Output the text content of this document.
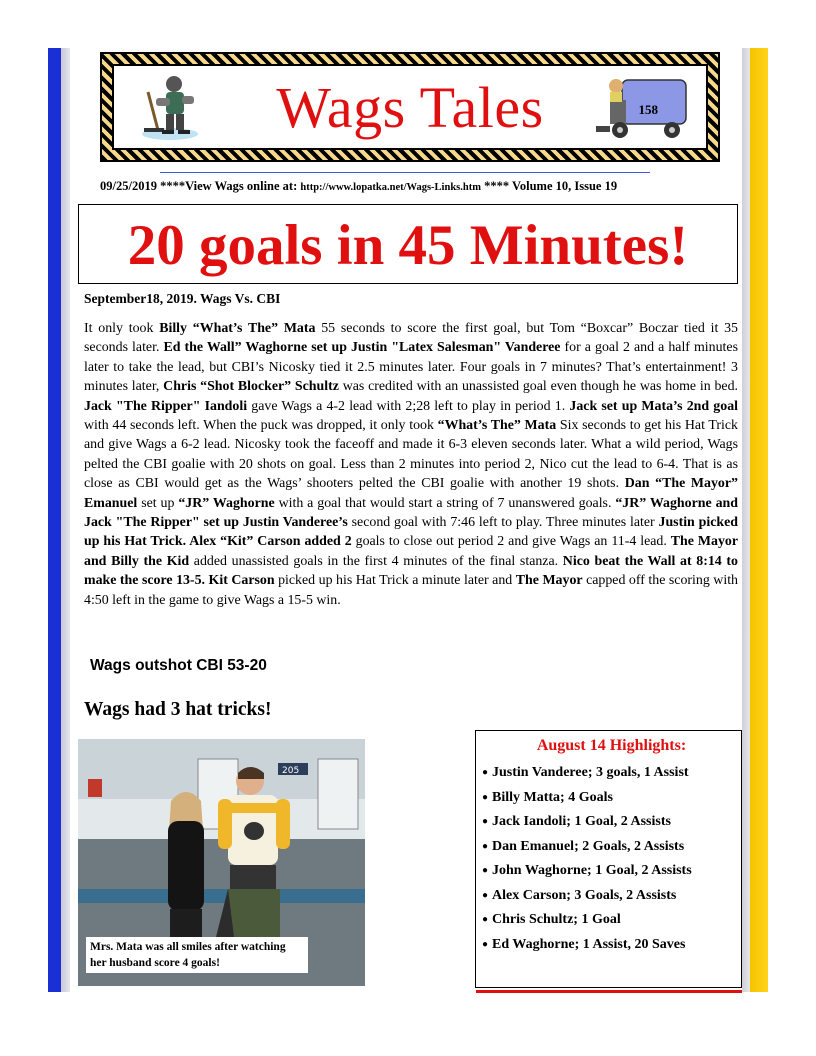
Wags Tales	158
09/25/2019 ****View Wags online at: http://www.lopatka.net/Wags-Links.htm **** Volume 10, Issue 19
20 goals in 45 Minutes!
September18, 2019. Wags Vs. CBI
It only took Billy “What’s The” Mata 55 seconds to score the first goal, but Tom “Boxcar” Boczar tied it 35 seconds later. Ed the Wall” Waghorne set up Justin "Latex Salesman" Vanderee for a goal 2 and a half minutes later to take the lead, but CBI’s Nicosky tied it 2.5 minutes later. Four goals in 7 minutes? That’s entertainment! 3 minutes later, Chris “Shot Blocker” Schultz was credited with an unassisted goal even though he was home in bed. Jack "The Ripper" Iandoli gave Wags a 4-2 lead with 2;28 left to play in period 1. Jack set up Mata’s 2nd goal with 44 seconds left. When the puck was dropped, it only took “What’s The” Mata Six seconds to get his Hat Trick and give Wags a 6-2 lead. Nicosky took the faceoff and made it 6-3 eleven seconds later. What a wild period, Wags pelted the CBI goalie with 20 shots on goal. Less than 2 minutes into period 2, Nico cut the lead to 6-4. That is as close as CBI would get as the Wags’ shooters pelted the CBI goalie with another 19 shots. Dan “The Mayor” Emanuel set up “JR” Waghorne with a goal that would start a string of 7 unanswered goals. “JR” Waghorne and Jack "The Ripper" set up Justin Vanderee’s second goal with 7:46 left to play. Three minutes later Justin picked up his Hat Trick. Alex “Kit” Carson added 2 goals to close out period 2 and give Wags an 11-4 lead. The Mayor and Billy the Kid added unassisted goals in the first 4 minutes of the final stanza. Nico beat the Wall at 8:14 to make the score 13-5. Kit Carson picked up his Hat Trick a minute later and The Mayor capped off the scoring with 4:50 left in the game to give Wags a 15-5 win.
Wags outshot CBI 53-20
Wags had 3 hat tricks!
205
Mrs. Mata was all smiles after watching her husband score 4 goals!
August 14 Highlights:
● Justin Vanderee; 3 goals, 1 Assist
● Billy Matta; 4 Goals
● Jack Iandoli; 1 Goal, 2 Assists
● Dan Emanuel; 2 Goals, 2 Assists
● John Waghorne; 1 Goal, 2 Assists
● Alex Carson; 3 Goals, 2 Assists
● Chris Schultz; 1 Goal
● Ed Waghorne; 1 Assist, 20 Saves
